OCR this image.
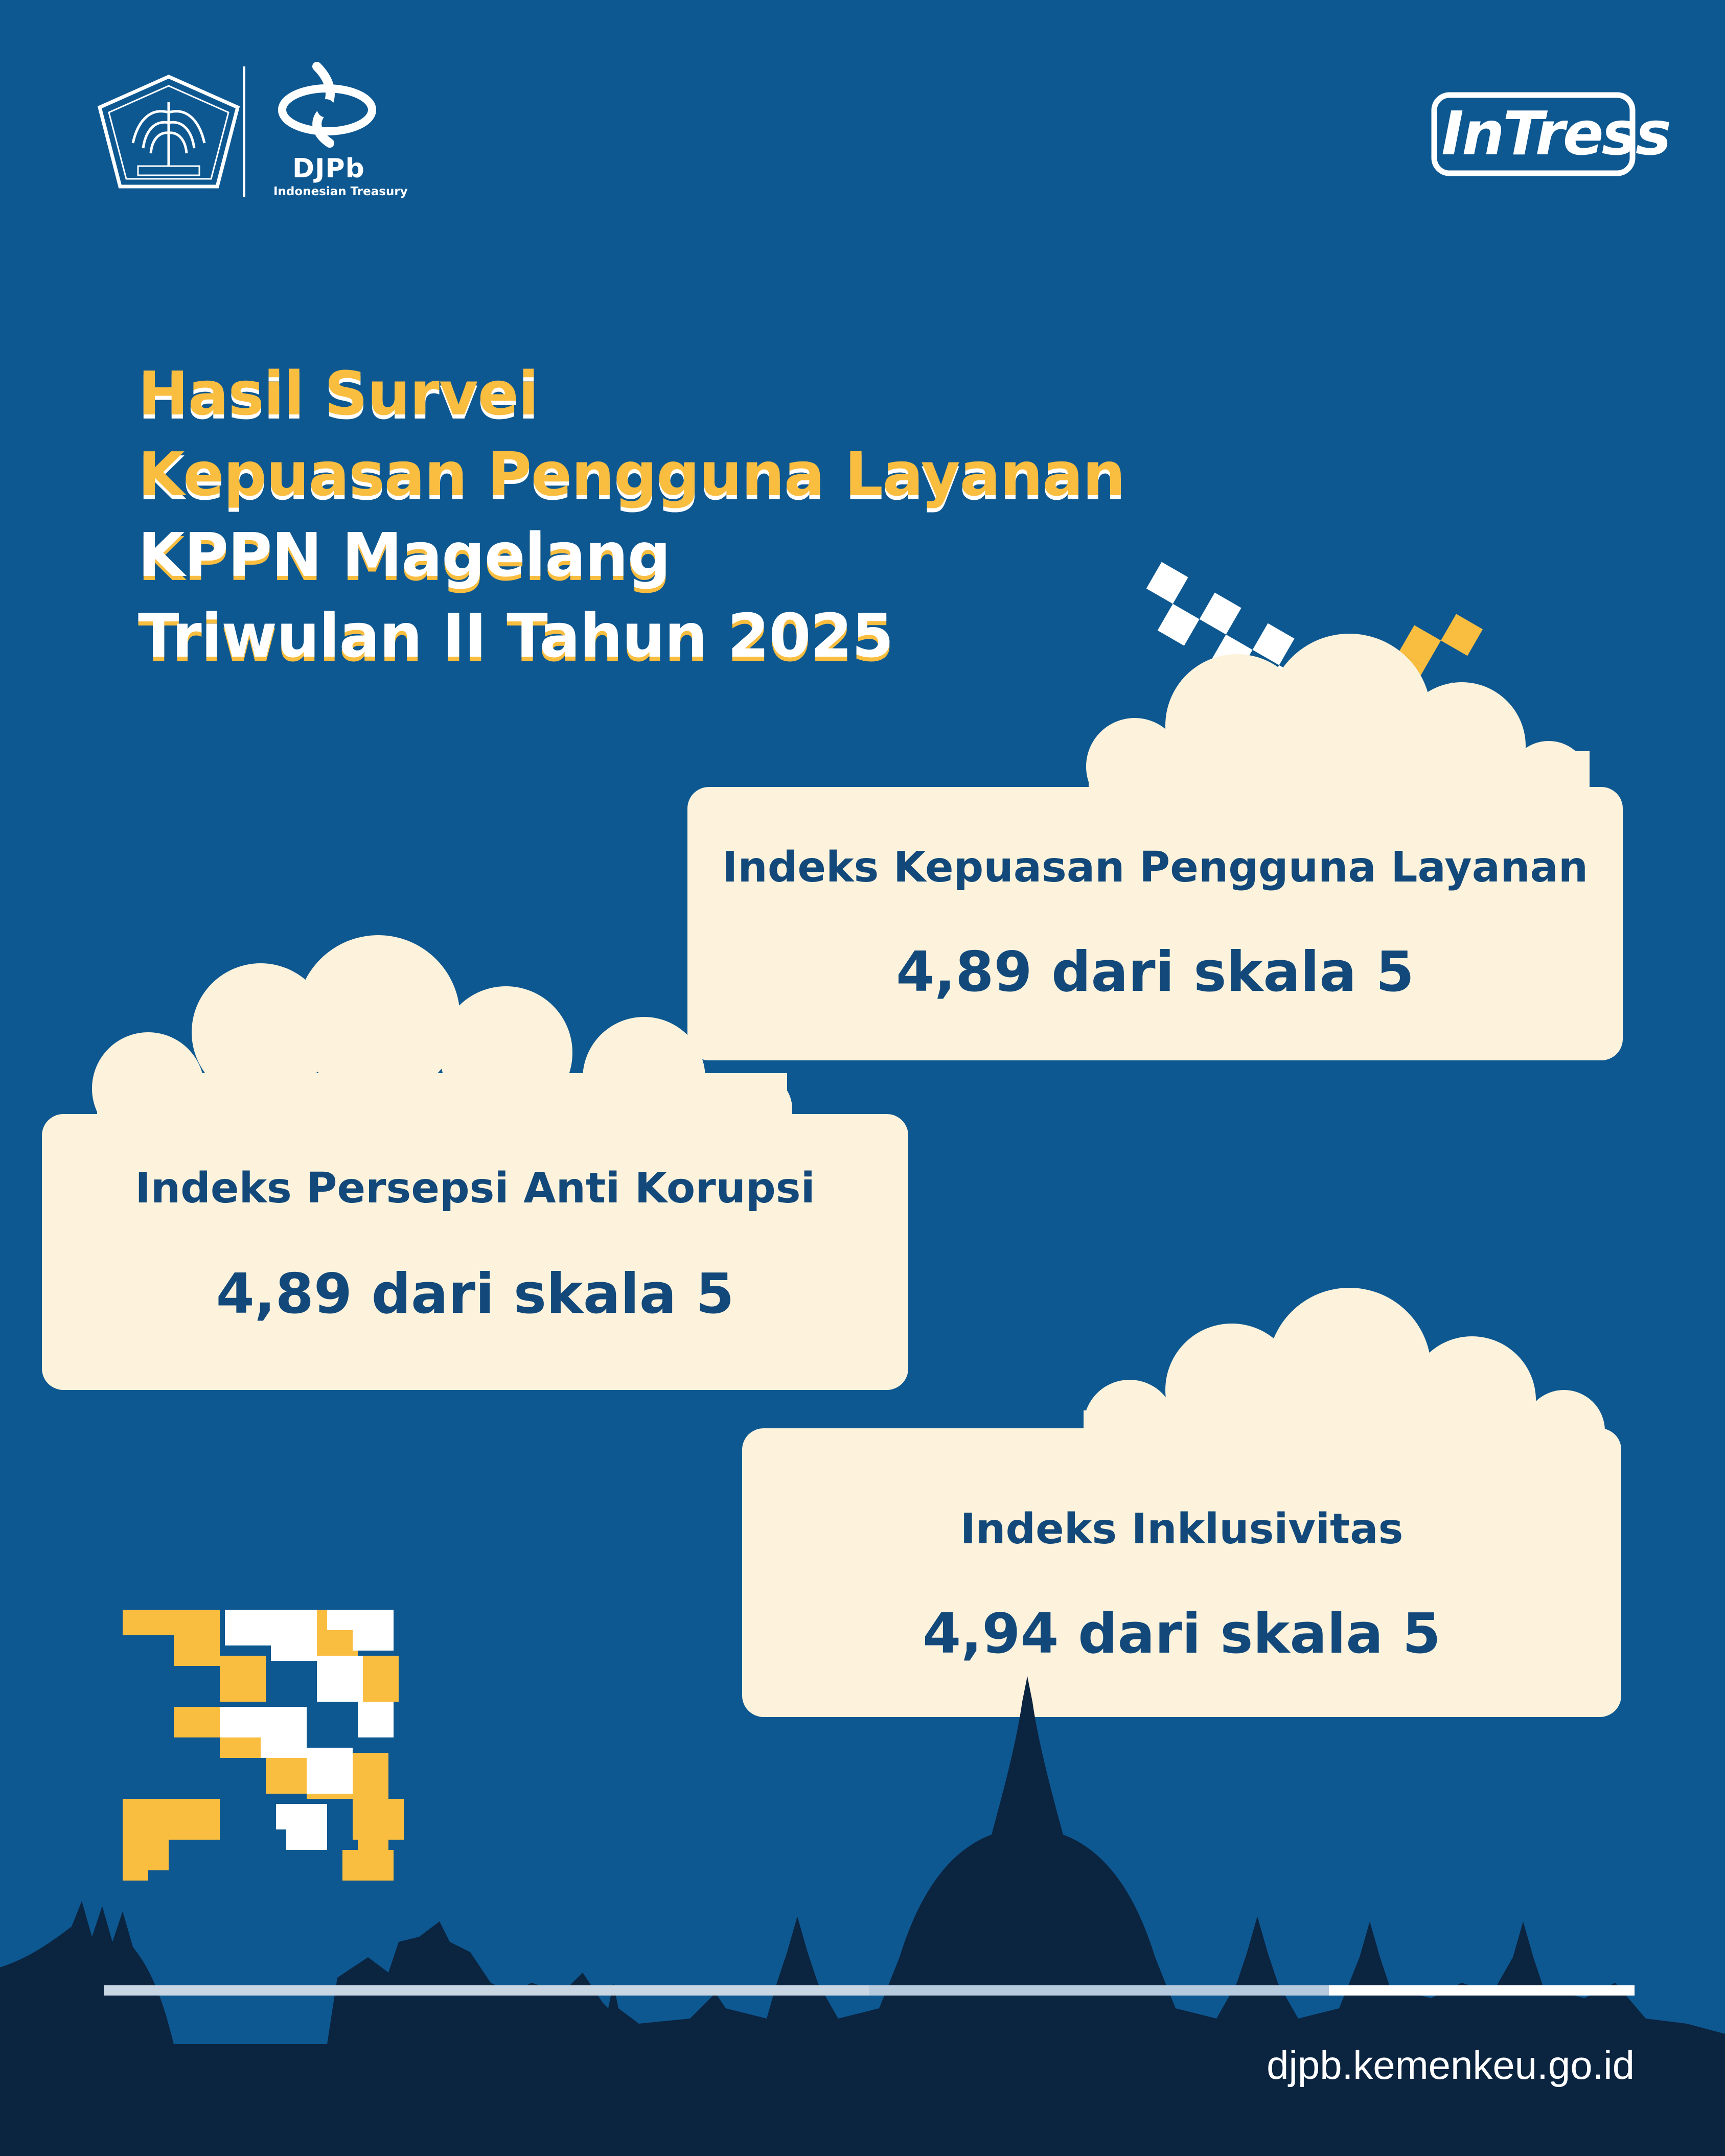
DJPb
Indonesian Treasury
InTress
Hasil Survei
Kepuasan Pengguna Layanan
KPPN Magelang
Triwulan II Tahun 2025
Indeks Kepuasan Pengguna Layanan
4,89 dari skala 5
Indeks Persepsi Anti Korupsi
4,89 dari skala 5
Indeks Inklusivitas
4,94 dari skala 5
djpb.kemenkeu.go.id
